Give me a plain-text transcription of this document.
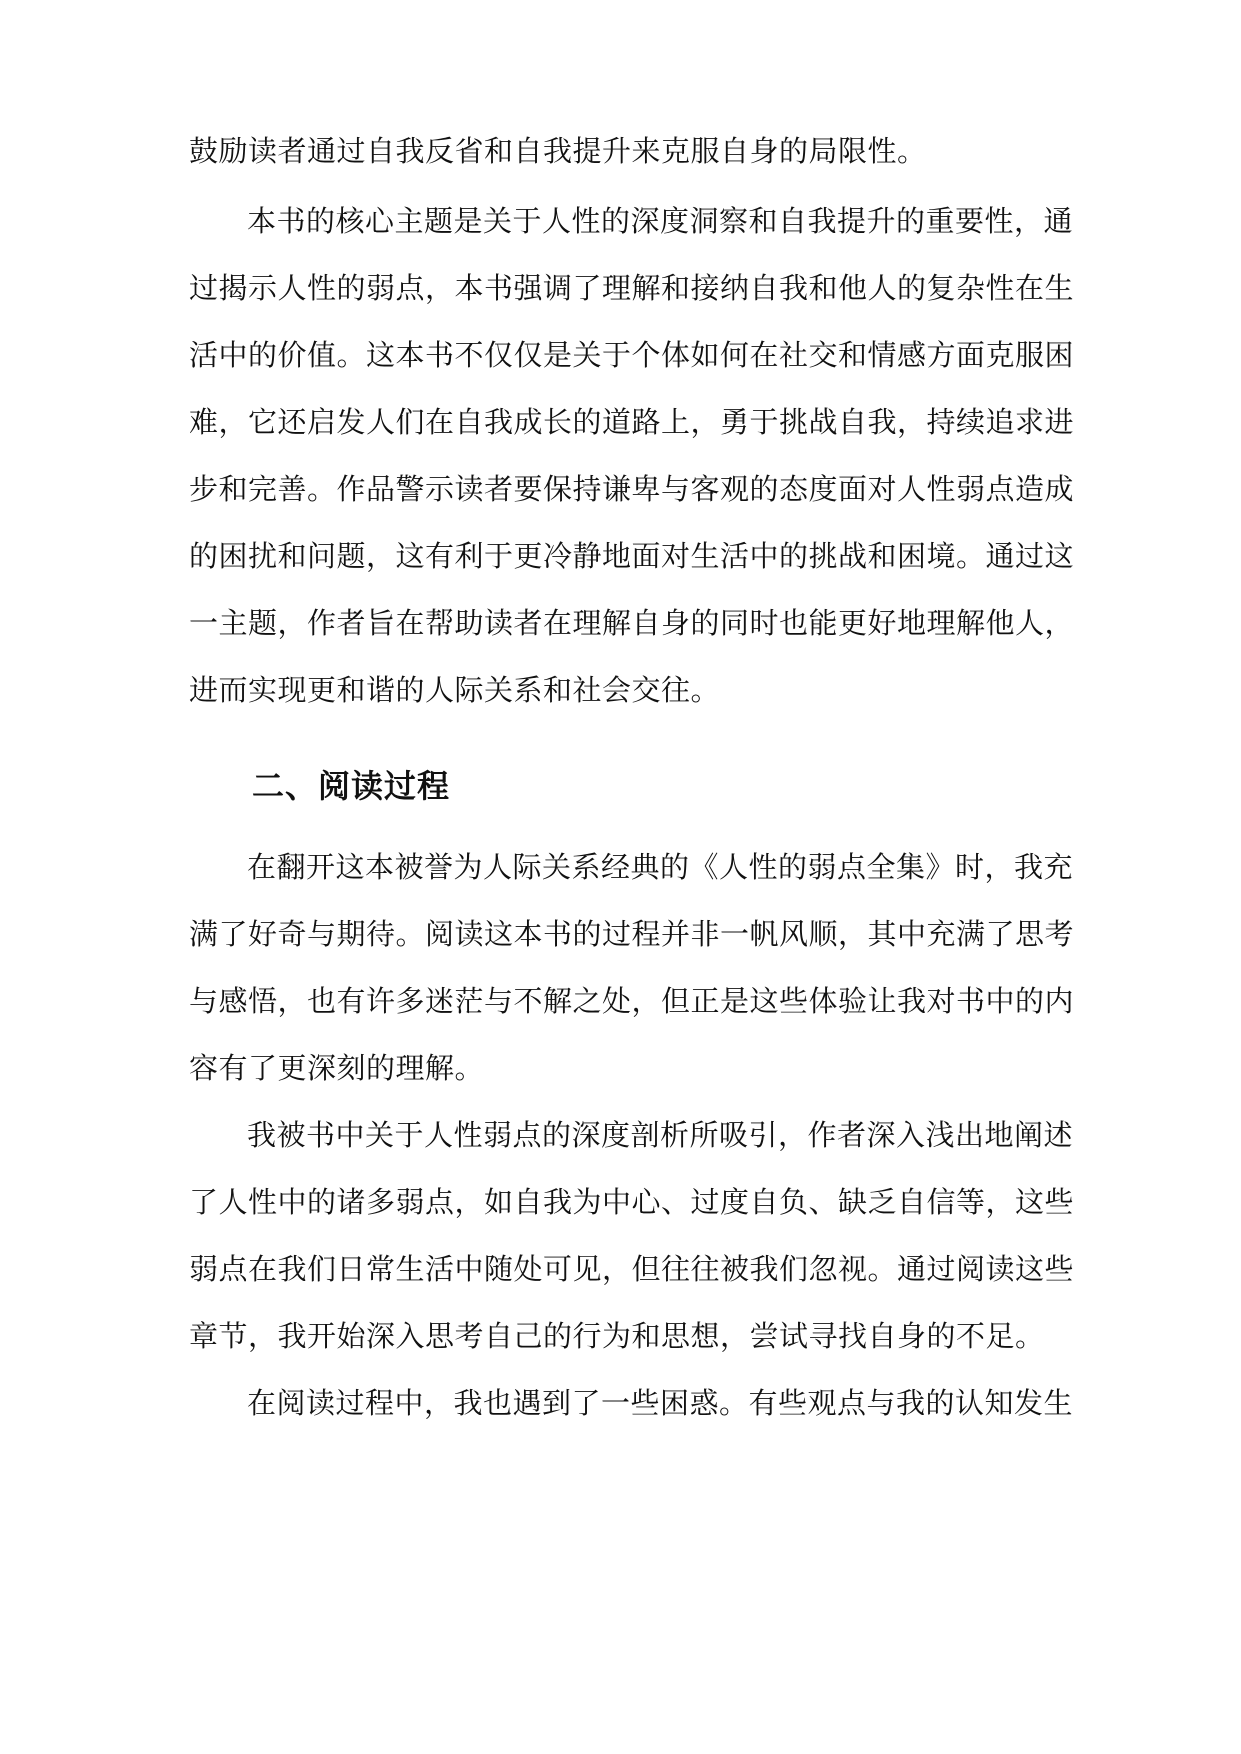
鼓励读者通过自我反省和自我提升来克服自身的局限性。
本书的核心主题是关于人性的深度洞察和自我提升的重要性，通
过揭示人性的弱点，本书强调了理解和接纳自我和他人的复杂性在生
活中的价值。这本书不仅仅是关于个体如何在社交和情感方面克服困
难，它还启发人们在自我成长的道路上，勇于挑战自我，持续追求进
步和完善。作品警示读者要保持谦卑与客观的态度面对人性弱点造成
的困扰和问题，这有利于更冷静地面对生活中的挑战和困境。通过这
一主题，作者旨在帮助读者在理解自身的同时也能更好地理解他人，
进而实现更和谐的人际关系和社会交往。
二、阅读过程
在翻开这本被誉为人际关系经典的《人性的弱点全集》时，我充
满了好奇与期待。阅读这本书的过程并非一帆风顺，其中充满了思考
与感悟，也有许多迷茫与不解之处，但正是这些体验让我对书中的内
容有了更深刻的理解。
我被书中关于人性弱点的深度剖析所吸引，作者深入浅出地阐述
了人性中的诸多弱点，如自我为中心、过度自负、缺乏自信等，这些
弱点在我们日常生活中随处可见，但往往被我们忽视。通过阅读这些
章节，我开始深入思考自己的行为和思想，尝试寻找自身的不足。
在阅读过程中，我也遇到了一些困惑。有些观点与我的认知发生
